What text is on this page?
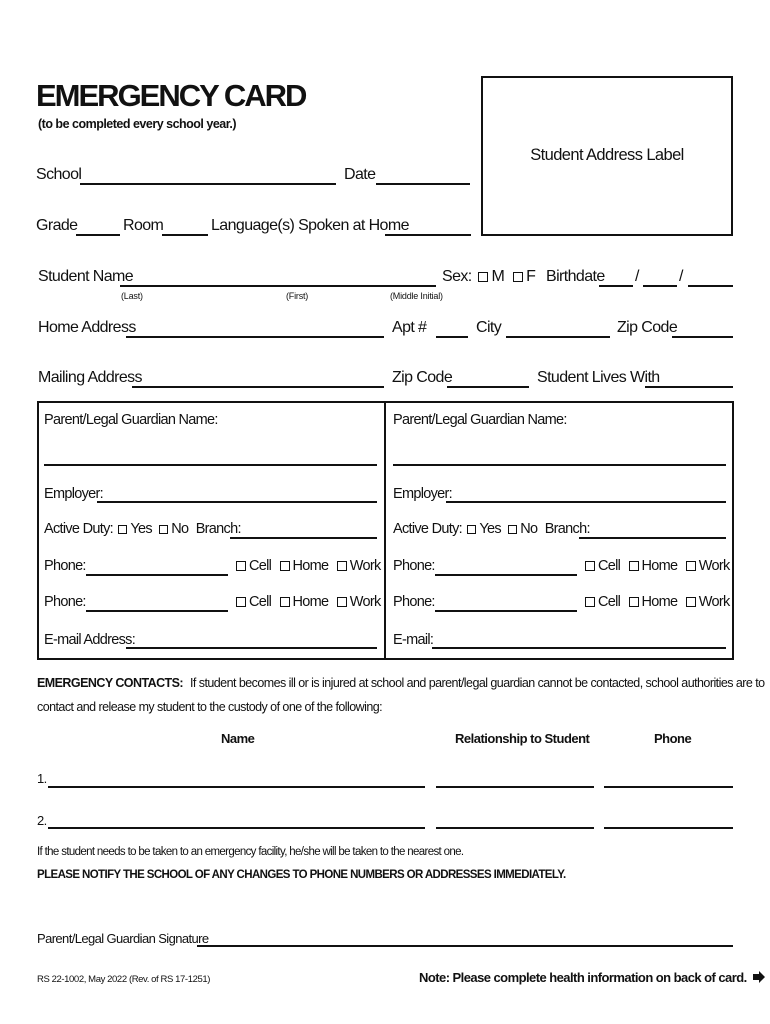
EMERGENCY CARD
(to be completed every school year.)
Student Address Label
School	Date
Grade	Room	Language(s) Spoken at Home
Student Name
(Last)	(First)	(Middle Initial)
Sex: M F Birthdate /	/
Home Address	Apt #	City	Zip Code
Mailing Address	Zip Code	Student Lives With
Parent/Legal Guardian Name:
Employer:
Active Duty: Yes No Branch:
Phone:	Cell Home Work
Phone:	Cell Home Work
E-mail Address:
Parent/Legal Guardian Name:
Employer:
Active Duty: Yes No Branch:
Phone:	Cell Home Work
Phone:	Cell Home Work
E-mail:
EMERGENCY CONTACTS: If student becomes ill or is injured at school and parent/legal guardian cannot be contacted, school authorities are to
contact and release my student to the custody of one of the following:
Name	Relationship to Student	Phone
1.
2.
If the student needs to be taken to an emergency facility, he/she will be taken to the nearest one.
PLEASE NOTIFY THE SCHOOL OF ANY CHANGES TO PHONE NUMBERS OR ADDRESSES IMMEDIATELY.
Parent/Legal Guardian Signature
RS 22-1002, May 2022 (Rev. of RS 17-1251)	Note: Please complete health information on back of card.
